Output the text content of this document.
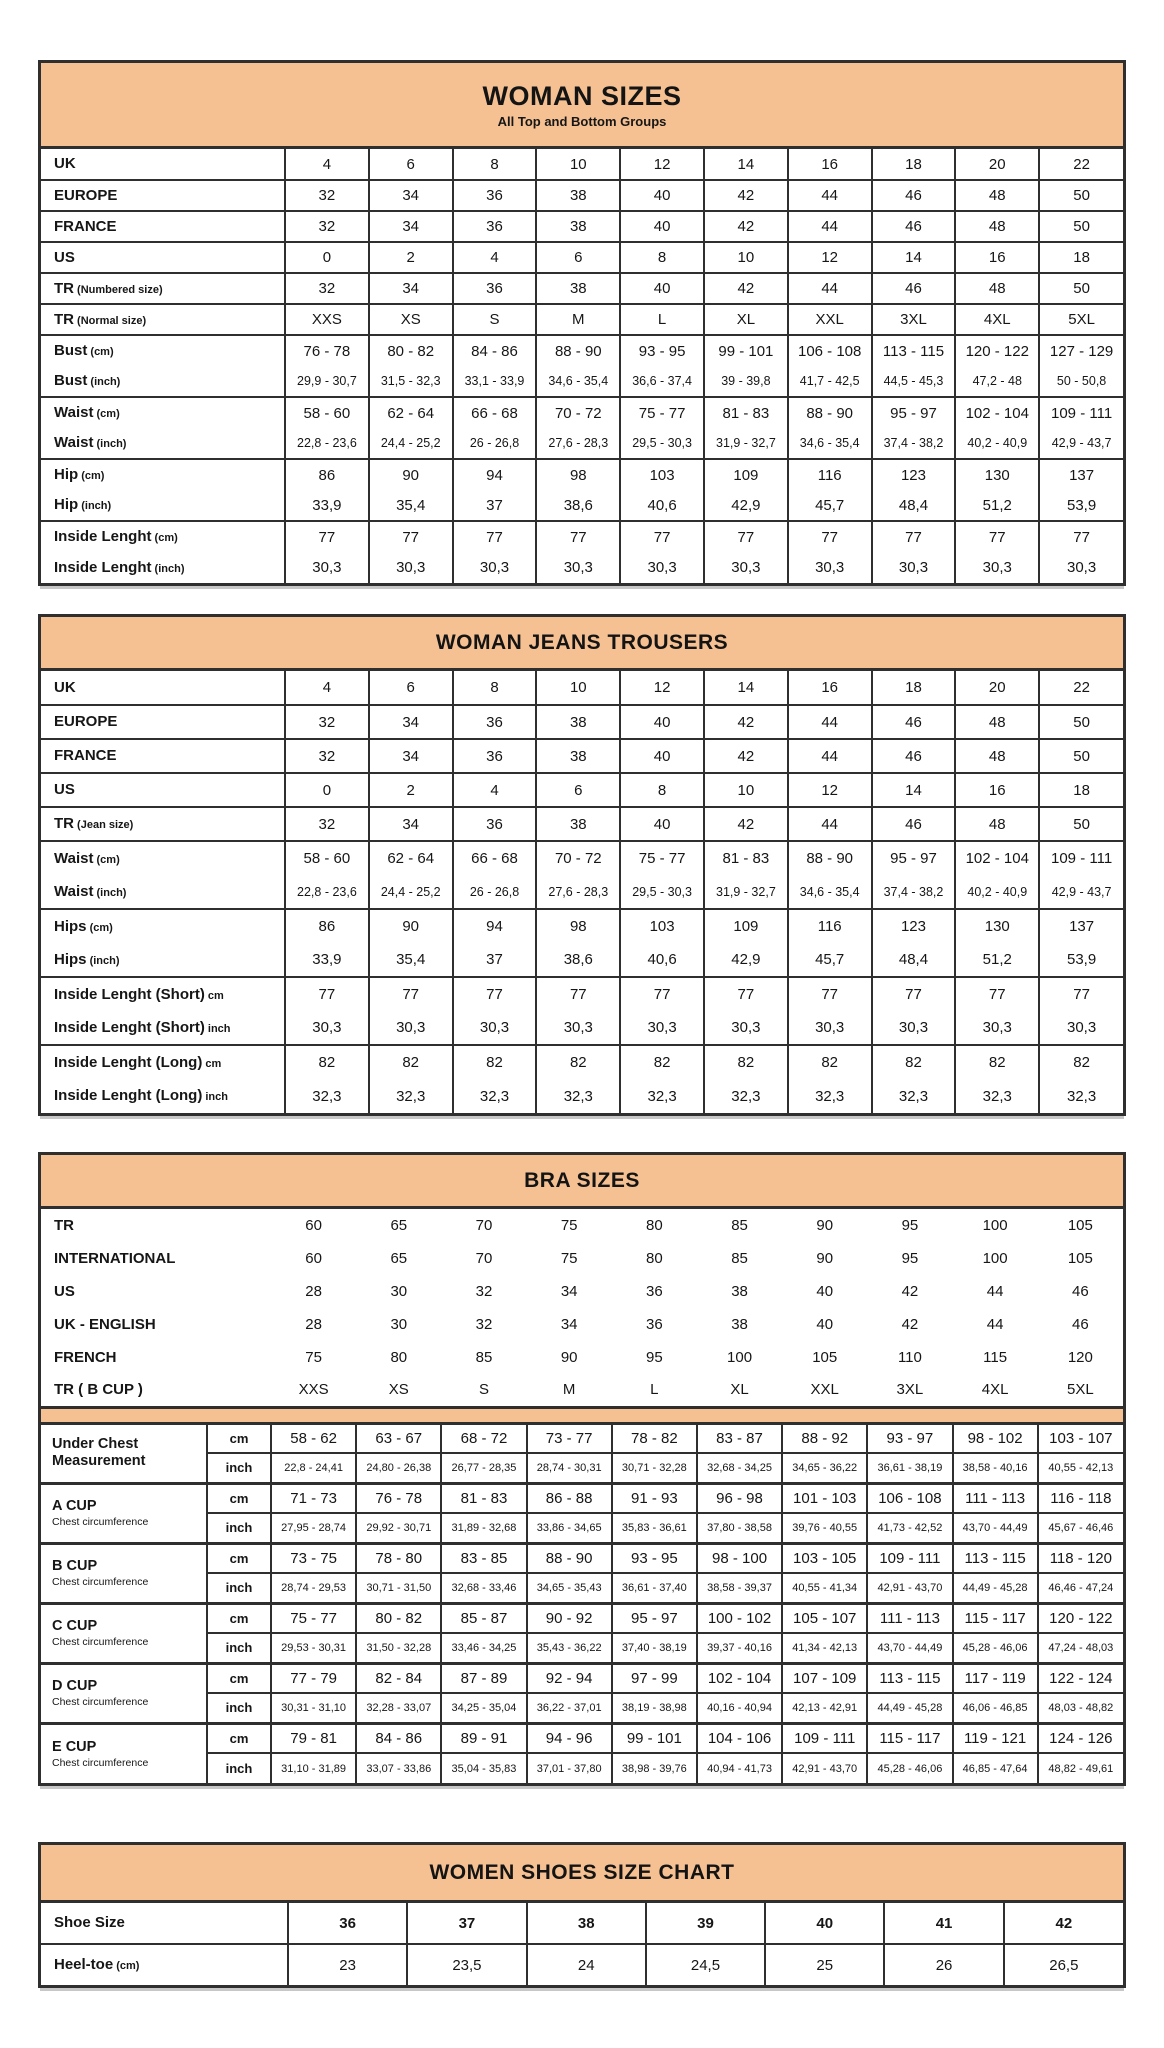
WOMAN SIZES
All Top and Bottom Groups
UK	4	6	8	10	12	14	16	18	20	22
EUROPE	32	34	36	38	40	42	44	46	48	50
FRANCE	32	34	36	38	40	42	44	46	48	50
US	0	2	4	6	8	10	12	14	16	18
TR (Numbered size)	32	34	36	38	40	42	44	46	48	50
TR (Normal size)	XXS	XS	S	M	L	XL	XXL	3XL	4XL	5XL
Bust (cm)	76 - 78	80 - 82	84 - 86	88 - 90	93 - 95	99 - 101	106 - 108	113 - 115	120 - 122	127 - 129
Bust (inch)	29,9 - 30,7	31,5 - 32,3	33,1 - 33,9	34,6 - 35,4	36,6 - 37,4	39 - 39,8	41,7 - 42,5	44,5 - 45,3	47,2 - 48	50 - 50,8
Waist (cm)	58 - 60	62 - 64	66 - 68	70 - 72	75 - 77	81 - 83	88 - 90	95 - 97	102 - 104	109 - 111
Waist (inch)	22,8 - 23,6	24,4 - 25,2	26 - 26,8	27,6 - 28,3	29,5 - 30,3	31,9 - 32,7	34,6 - 35,4	37,4 - 38,2	40,2 - 40,9	42,9 - 43,7
Hip (cm)	86	90	94	98	103	109	116	123	130	137
Hip (inch)	33,9	35,4	37	38,6	40,6	42,9	45,7	48,4	51,2	53,9
Inside Lenght (cm)	77	77	77	77	77	77	77	77	77	77
Inside Lenght (inch)	30,3	30,3	30,3	30,3	30,3	30,3	30,3	30,3	30,3	30,3
WOMAN JEANS TROUSERS
UK	4	6	8	10	12	14	16	18	20	22
EUROPE	32	34	36	38	40	42	44	46	48	50
FRANCE	32	34	36	38	40	42	44	46	48	50
US	0	2	4	6	8	10	12	14	16	18
TR (Jean size)	32	34	36	38	40	42	44	46	48	50
Waist (cm)	58 - 60	62 - 64	66 - 68	70 - 72	75 - 77	81 - 83	88 - 90	95 - 97	102 - 104	109 - 111
Waist (inch)	22,8 - 23,6	24,4 - 25,2	26 - 26,8	27,6 - 28,3	29,5 - 30,3	31,9 - 32,7	34,6 - 35,4	37,4 - 38,2	40,2 - 40,9	42,9 - 43,7
Hips (cm)	86	90	94	98	103	109	116	123	130	137
Hips (inch)	33,9	35,4	37	38,6	40,6	42,9	45,7	48,4	51,2	53,9
Inside Lenght (Short) cm	77	77	77	77	77	77	77	77	77	77
Inside Lenght (Short) inch	30,3	30,3	30,3	30,3	30,3	30,3	30,3	30,3	30,3	30,3
Inside Lenght (Long) cm	82	82	82	82	82	82	82	82	82	82
Inside Lenght (Long) inch	32,3	32,3	32,3	32,3	32,3	32,3	32,3	32,3	32,3	32,3
BRA SIZES
TR		60	65	70	75	80	85	90	95	100	105
INTERNATIONAL		60	65	70	75	80	85	90	95	100	105
US		28	30	32	34	36	38	40	42	44	46
UK - ENGLISH		28	30	32	34	36	38	40	42	44	46
FRENCH		75	80	85	90	95	100	105	110	115	120
TR ( B CUP )		XXS	XS	S	M	L	XL	XXL	3XL	4XL	5XL

Under Chest Measurement	cm	58 - 62	63 - 67	68 - 72	73 - 77	78 - 82	83 - 87	88 - 92	93 - 97	98 - 102	103 - 107
	inch	22,8 - 24,41	24,80 - 26,38	26,77 - 28,35	28,74 - 30,31	30,71 - 32,28	32,68 - 34,25	34,65 - 36,22	36,61 - 38,19	38,58 - 40,16	40,55 - 42,13

A CUP
Chest circumference	cm	71 - 73	76 - 78	81 - 83	86 - 88	91 - 93	96 - 98	101 - 103	106 - 108	111 - 113	116 - 118
	inch	27,95 - 28,74	29,92 - 30,71	31,89 - 32,68	33,86 - 34,65	35,83 - 36,61	37,80 - 38,58	39,76 - 40,55	41,73 - 42,52	43,70 - 44,49	45,67 - 46,46

B CUP
Chest circumference	cm	73 - 75	78 - 80	83 - 85	88 - 90	93 - 95	98 - 100	103 - 105	109 - 111	113 - 115	118 - 120
	inch	28,74 - 29,53	30,71 - 31,50	32,68 - 33,46	34,65 - 35,43	36,61 - 37,40	38,58 - 39,37	40,55 - 41,34	42,91 - 43,70	44,49 - 45,28	46,46 - 47,24

C CUP
Chest circumference	cm	75 - 77	80 - 82	85 - 87	90 - 92	95 - 97	100 - 102	105 - 107	111 - 113	115 - 117	120 - 122
	inch	29,53 - 30,31	31,50 - 32,28	33,46 - 34,25	35,43 - 36,22	37,40 - 38,19	39,37 - 40,16	41,34 - 42,13	43,70 - 44,49	45,28 - 46,06	47,24 - 48,03

D CUP
Chest circumference	cm	77 - 79	82 - 84	87 - 89	92 - 94	97 - 99	102 - 104	107 - 109	113 - 115	117 - 119	122 - 124
	inch	30,31 - 31,10	32,28 - 33,07	34,25 - 35,04	36,22 - 37,01	38,19 - 38,98	40,16 - 40,94	42,13 - 42,91	44,49 - 45,28	46,06 - 46,85	48,03 - 48,82

E CUP
Chest circumference	cm	79 - 81	84 - 86	89 - 91	94 - 96	99 - 101	104 - 106	109 - 111	115 - 117	119 - 121	124 - 126
	inch	31,10 - 31,89	33,07 - 33,86	35,04 - 35,83	37,01 - 37,80	38,98 - 39,76	40,94 - 41,73	42,91 - 43,70	45,28 - 46,06	46,85 - 47,64	48,82 - 49,61
WOMEN SHOES SIZE CHART
Shoe Size	36	37	38	39	40	41	42
Heel-toe (cm)	23	23,5	24	24,5	25	26	26,5
